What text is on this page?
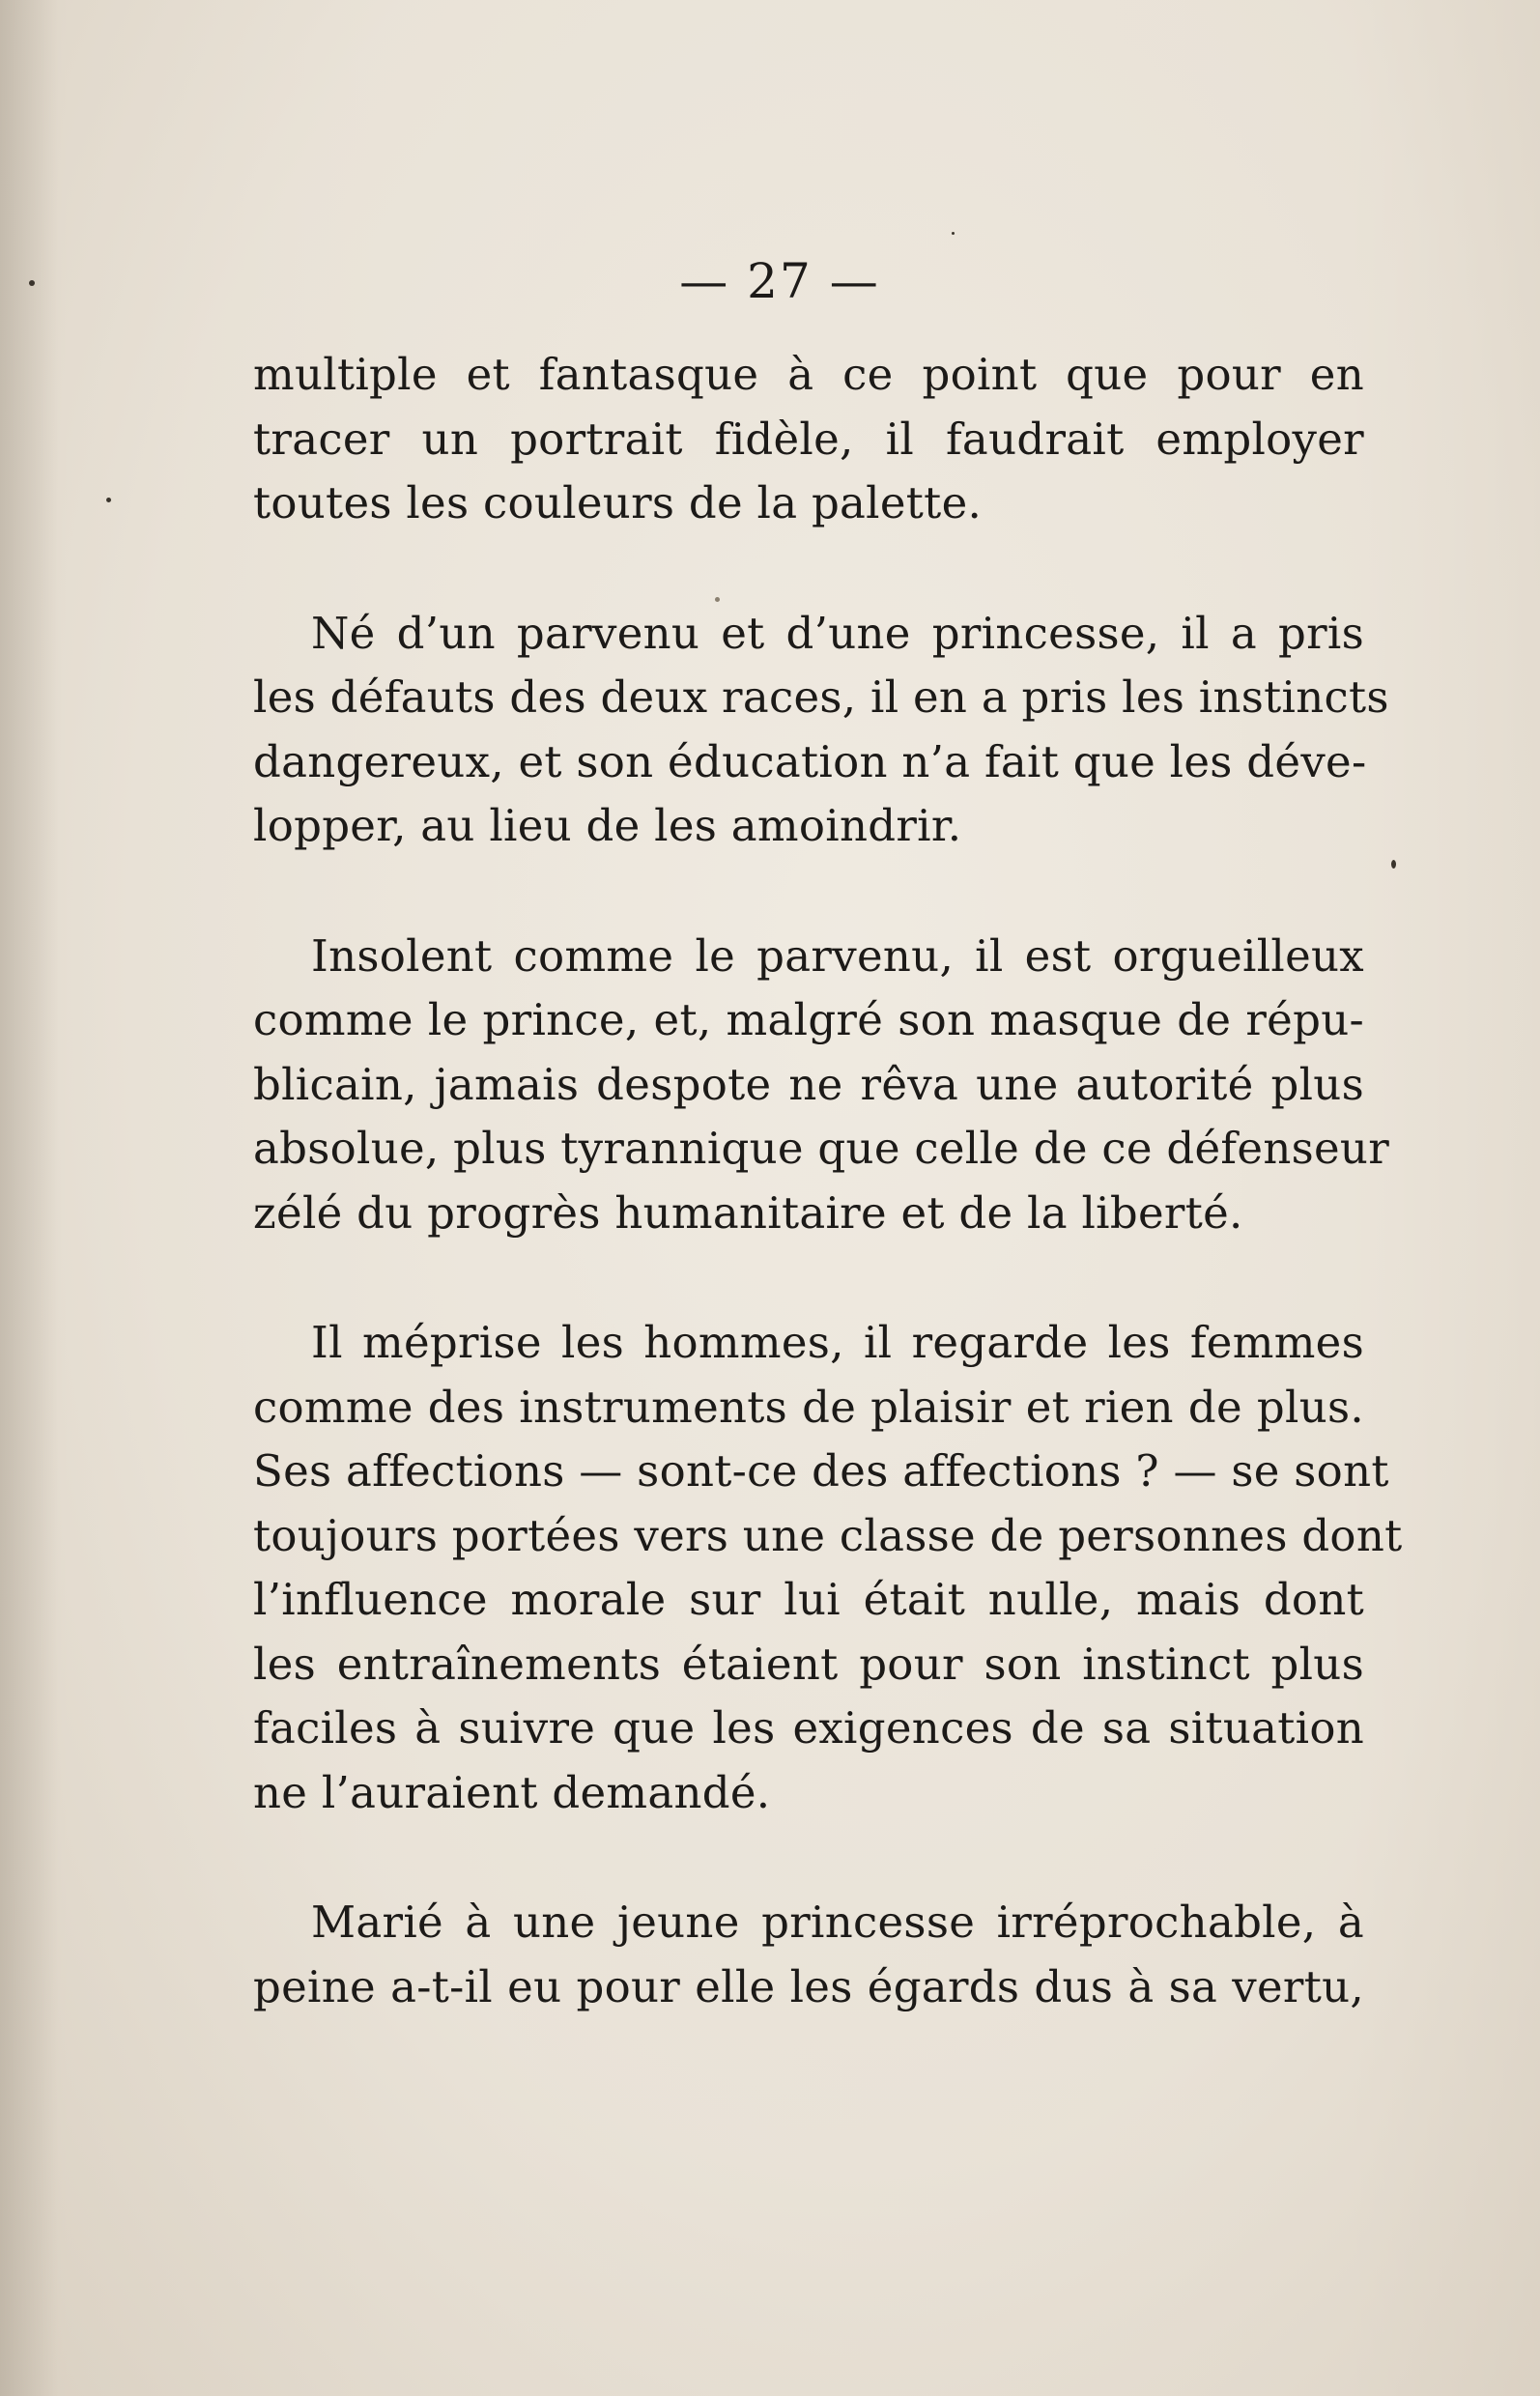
— 27 —

multiple et fantasque à ce point que pour en
tracer un portrait fidèle, il faudrait employer
toutes les couleurs de la palette.

Né d’un parvenu et d’une princesse, il a pris
les défauts des deux races, il en a pris les instincts
dangereux, et son éducation n’a fait que les déve-
lopper, au lieu de les amoindrir.

Insolent comme le parvenu, il est orgueilleux
comme le prince, et, malgré son masque de répu-
blicain, jamais despote ne rêva une autorité plus
absolue, plus tyrannique que celle de ce défenseur
zélé du progrès humanitaire et de la liberté.

Il méprise les hommes, il regarde les femmes
comme des instruments de plaisir et rien de plus.
Ses affections — sont-ce des affections ? — se sont
toujours portées vers une classe de personnes dont
l’influence morale sur lui était nulle, mais dont
les entraînements étaient pour son instinct plus
faciles à suivre que les exigences de sa situation
ne l’auraient demandé.

Marié à une jeune princesse irréprochable, à
peine a-t-il eu pour elle les égards dus à sa vertu,
